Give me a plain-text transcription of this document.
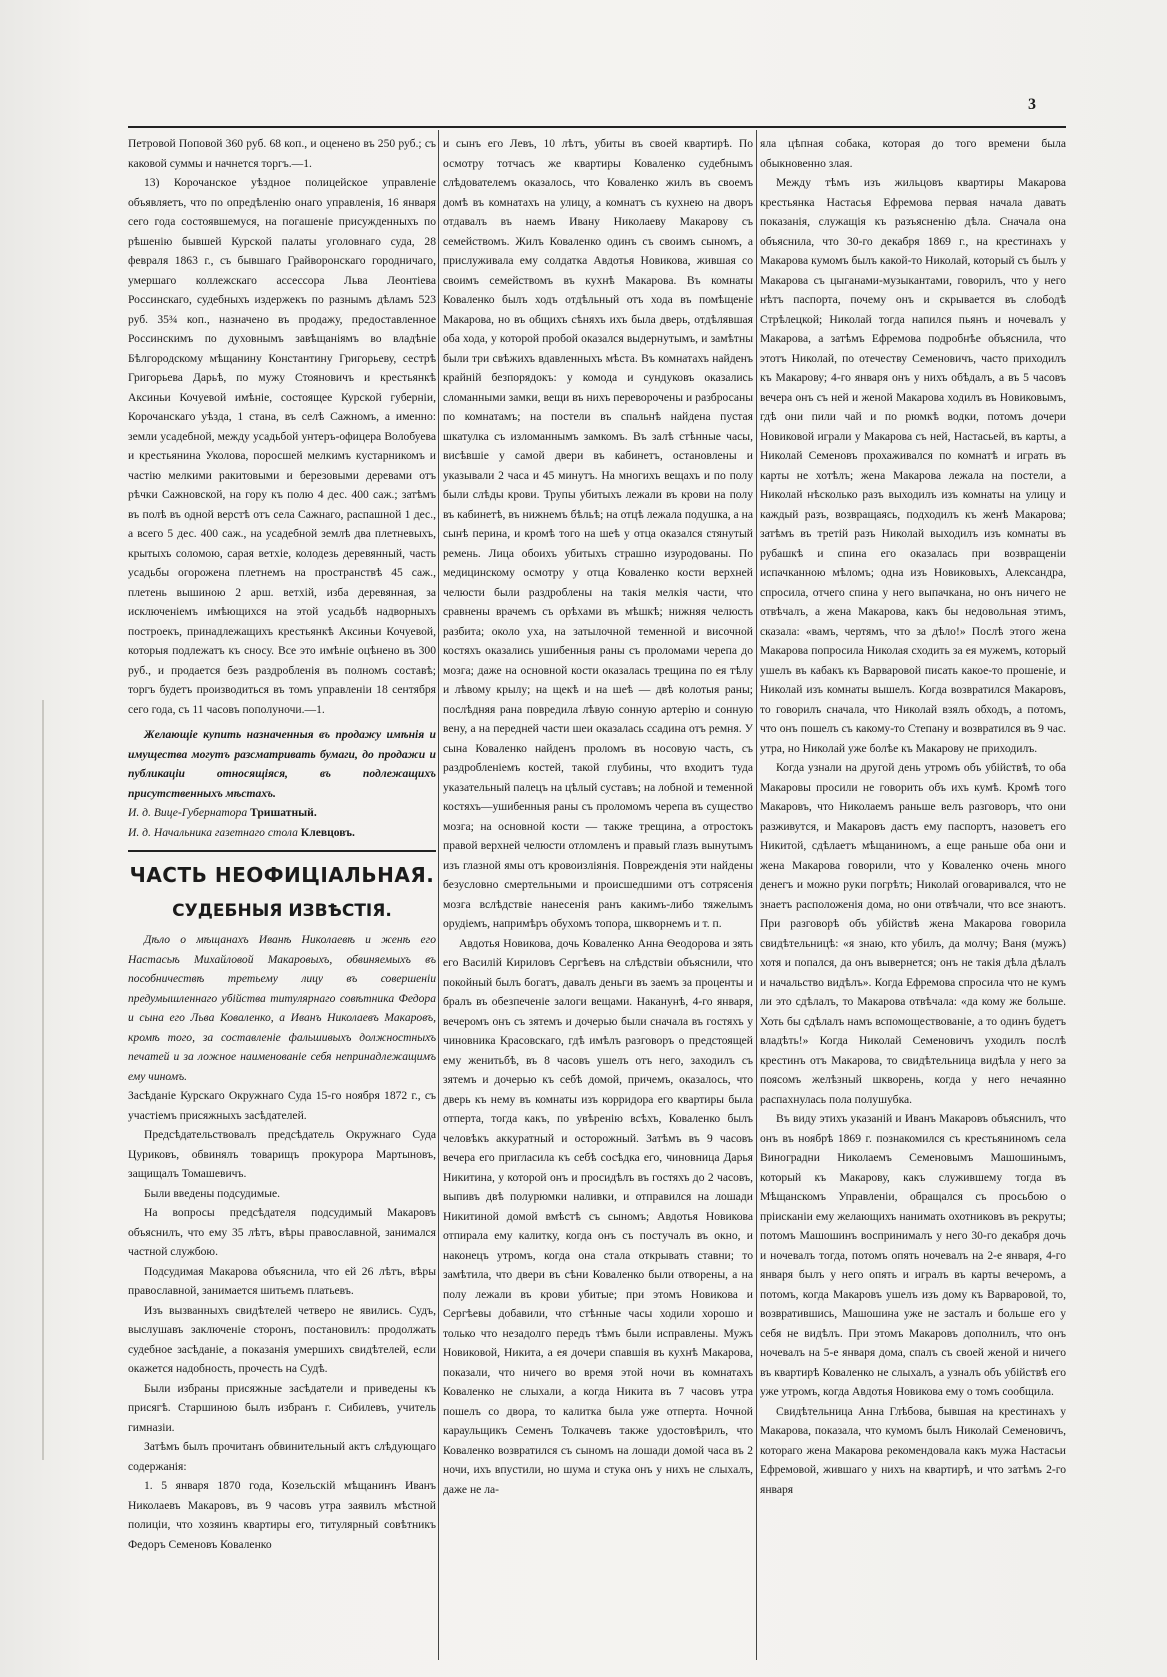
3

Петровой Поповой 360 руб. 68 коп., и оценено въ 250 руб.; съ каковой суммы и начнется торгъ.—1.

13) Корочанское уѣздное полицейское управленіе объявляетъ, что по опредѣленію онаго управленія, 16 января сего года состоявшемуся, на погашеніе присужденныхъ по рѣшенію бывшей Курской палаты уголовнаго суда, 28 февраля 1863 г., съ бывшаго Грайворонскаго городничаго, умершаго коллежскаго ассессора Льва Леонтіева Россинскаго, судебныхъ издержекъ по разнымъ дѣламъ 523 руб. 35¾ коп., назначено въ продажу, предоставленное Россинскимъ по духовнымъ завѣщаніямъ во владѣніе Бѣлгородскому мѣщанину Константину Григорьеву, сестрѣ Григорьева Дарьѣ, по мужу Стояновичъ и крестьянкѣ Аксиньи Кочуевой имѣніе, состоящее Курской губерніи, Корочанскаго уѣзда, 1 стана, въ селѣ Сажномъ, а именно: земли усадебной, между усадьбой унтеръ-офицера Волобуева и крестьянина Уколова, поросшей мелкимъ кустарникомъ и частію мелкими ракитовыми и березовыми деревами отъ рѣчки Сажновской, на гору къ полю 4 дес. 400 саж.; затѣмъ въ полѣ въ одной верстѣ отъ села Сажнаго, распашной 1 дес., а всего 5 дес. 400 саж., на усадебной землѣ два плетневыхъ, крытыхъ соломою, сарая ветхіе, колодезь деревянный, часть усадьбы огорожена плетнемъ на пространствѣ 45 саж., плетень вышиною 2 арш. ветхій, изба деревянная, за исключеніемъ имѣющихся на этой усадьбѣ надворныхъ построекъ, принадлежащихъ крестьянкѣ Аксиньи Кочуевой, которыя подлежатъ къ сносу. Все это имѣніе оцѣнено въ 300 руб., и продается безъ раздробленія въ полномъ составѣ; торгъ будетъ производиться въ томъ управленіи 18 сентября сего года, съ 11 часовъ пополуночи.—1.

Желающіе купить назначенныя въ продажу имѣнія и имущества могутъ разсматривать бумаги, до продажи и публикаціи относящіяся, въ подлежащихъ присутственныхъ мѣстахъ.

И. д. Вице-Губернатора Тришатный.

И. д. Начальника газетнаго стола Клевцовъ.

ЧАСТЬ НЕОФИЦІАЛЬНАЯ.
СУДЕБНЫЯ ИЗВѢСТІЯ.

Дѣло о мѣщанахъ Иванѣ Николаевѣ и женѣ его Настасьѣ Михайловой Макаровыхъ, обвиняемыхъ въ пособничествѣ третьему лицу въ совершеніи предумышленнаго убійства титулярнаго совѣтника Федора и сына его Льва Коваленко, а Иванъ Николаевъ Макаровъ, кромѣ того, за составленіе фальшивыхъ должностныхъ печатей и за ложное наименованіе себя непринадлежащимъ ему чиномъ.

Засѣданіе Курскаго Окружнаго Суда 15-го ноября 1872 г., съ участіемъ присяжныхъ засѣдателей.

Предсѣдательствовалъ предсѣдатель Окружнаго Суда Цуриковъ, обвинялъ товарищъ прокурора Мартыновъ, защищалъ Томашевичъ.

Были введены подсудимые.

На вопросы предсѣдателя подсудимый Макаровъ объяснилъ, что ему 35 лѣтъ, вѣры православной, занимался частной службою.

Подсудимая Макарова объяснила, что ей 26 лѣтъ, вѣры православной, занимается шитьемъ платьевъ.

Изъ вызванныхъ свидѣтелей четверо не явились. Судъ, выслушавъ заключеніе сторонъ, постановилъ: продолжать судебное засѣданіе, а показанія умершихъ свидѣтелей, если окажется надобность, прочесть на Судѣ.

Были избраны присяжные засѣдатели и приведены къ присягѣ. Старшиною былъ избранъ г. Сибилевъ, учитель гимназіи.

Затѣмъ былъ прочитанъ обвинительный актъ слѣдующаго содержанія:

1. 5 января 1870 года, Козельскій мѣщанинъ Иванъ Николаевъ Макаровъ, въ 9 часовъ утра заявилъ мѣстной полиціи, что хозяинъ квартиры его, титулярный совѣтникъ Федоръ Семеновъ Коваленко

и сынъ его Левъ, 10 лѣтъ, убиты въ своей квартирѣ. По осмотру тотчасъ же квартиры Коваленко судебнымъ слѣдователемъ оказалось, что Коваленко жилъ въ своемъ домѣ въ комнатахъ на улицу, а комнатъ съ кухнею на дворъ отдавалъ въ наемъ Ивану Николаеву Макарову съ семействомъ. Жилъ Коваленко одинъ съ своимъ сыномъ, а прислуживала ему солдатка Авдотья Новикова, жившая со своимъ семействомъ въ кухнѣ Макарова. Въ комнаты Коваленко былъ ходъ отдѣльный отъ хода въ помѣщеніе Макарова, но въ общихъ сѣняхъ ихъ была дверь, отдѣлявшая оба хода, у которой пробой оказался выдернутымъ, и замѣтны были три свѣжихъ вдавленныхъ мѣста. Въ комнатахъ найденъ крайній безпорядокъ: у комода и сундуковъ оказались сломанными замки, вещи въ нихъ переворочены и разбросаны по комнатамъ; на постели въ спальнѣ найдена пустая шкатулка съ изломаннымъ замкомъ. Въ залѣ стѣнные часы, висѣвшіе у самой двери въ кабинетъ, остановлены и указывали 2 часа и 45 минутъ. На многихъ вещахъ и по полу были слѣды крови. Трупы убитыхъ лежали въ крови на полу въ кабинетѣ, въ нижнемъ бѣльѣ; на отцѣ лежала подушка, а на сынѣ перина, и кромѣ того на шеѣ у отца оказался стянутый ремень. Лица обоихъ убитыхъ страшно изуродованы. По медицинскому осмотру у отца Коваленко кости верхней челюсти были раздроблены на такія мелкія части, что сравнены врачемъ съ орѣхами въ мѣшкѣ; нижняя челюсть разбита; около уха, на затылочной теменной и височной костяхъ оказались ушибенныя раны съ проломами черепа до мозга; даже на основной кости оказалась трещина по ея тѣлу и лѣвому крылу; на щекѣ и на шеѣ — двѣ колотыя раны; послѣдняя рана повредила лѣвую сонную артерію и сонную вену, а на передней части шеи оказалась ссадина отъ ремня. У сына Коваленко найденъ проломъ въ носовую часть, съ раздробленіемъ костей, такой глубины, что входитъ туда указательный палецъ на цѣлый суставъ; на лобной и теменной костяхъ—ушибенныя раны съ проломомъ черепа въ существо мозга; на основной кости — также трещина, а отростокъ правой верхней челюсти отломленъ и правый глазъ вынутымъ изъ глазной ямы отъ кровоизліянія. Поврежденія эти найдены безусловно смертельными и происшедшими отъ сотрясенія мозга вслѣдствіе нанесенія ранъ какимъ-либо тяжелымъ орудіемъ, напримѣръ обухомъ топора, шкворнемъ и т. п.

Авдотья Новикова, дочь Коваленко Анна Ѳеодорова и зять его Василій Кириловъ Сергѣевъ на слѣдствіи объяснили, что покойный былъ богатъ, давалъ деньги въ заемъ за проценты и бралъ въ обезпеченіе залоги вещами. Наканунѣ, 4-го января, вечеромъ онъ съ зятемъ и дочерью были сначала въ гостяхъ у чиновника Красовскаго, гдѣ имѣлъ разговоръ о предстоящей ему женитьбѣ, въ 8 часовъ ушелъ отъ него, заходилъ съ зятемъ и дочерью къ себѣ домой, причемъ, оказалось, что дверь къ нему въ комнаты изъ корридора его квартиры была отперта, тогда какъ, по увѣренію всѣхъ, Коваленко былъ человѣкъ аккуратный и осторожный. Затѣмъ въ 9 часовъ вечера его пригласила къ себѣ сосѣдка его, чиновница Дарья Никитина, у которой онъ и просидѣлъ въ гостяхъ до 2 часовъ, выпивъ двѣ полурюмки наливки, и отправился на лошади Никитиной домой вмѣстѣ съ сыномъ; Авдотья Новикова отпирала ему калитку, когда онъ съ постучалъ въ окно, и наконецъ утромъ, когда она стала открывать ставни; то замѣтила, что двери въ сѣни Коваленко были отворены, а на полу лежали въ крови убитые; при этомъ Новикова и Сергѣевы добавили, что стѣнные часы ходили хорошо и только что незадолго передъ тѣмъ были исправлены. Мужъ Новиковой, Никита, а ея дочери спавшія въ кухнѣ Макарова, показали, что ничего во время этой ночи въ комнатахъ Коваленко не слыхали, а когда Никита въ 7 часовъ утра пошелъ со двора, то калитка была уже отперта. Ночной караульщикъ Семенъ Толкачевъ также удостовѣрилъ, что Коваленко возвратился съ сыномъ на лошади домой часа въ 2 ночи, ихъ впустили, но шума и стука онъ у нихъ не слыхалъ, даже не ла-

яла цѣпная собака, которая до того времени была обыкновенно злая.

Между тѣмъ изъ жильцовъ квартиры Макарова крестьянка Настасья Ефремова первая начала давать показанія, служащія къ разъясненію дѣла. Сначала она объяснила, что 30-го декабря 1869 г., на крестинахъ у Макарова кумомъ былъ какой-то Николай, который съ былъ у Макарова съ цыганами-музыкантами, говорилъ, что у него нѣтъ паспорта, почему онъ и скрывается въ слободѣ Стрѣлецкой; Николай тогда напился пьянъ и ночевалъ у Макарова, а затѣмъ Ефремова подробнѣе объяснила, что этотъ Николай, по отечеству Семеновичъ, часто приходилъ къ Макарову; 4-го января онъ у нихъ обѣдалъ, а въ 5 часовъ вечера онъ съ ней и женой Макарова ходилъ въ Новиковымъ, гдѣ они пили чай и по рюмкѣ водки, потомъ дочери Новиковой играли у Макарова съ ней, Настасьей, въ карты, а Николай Семеновъ прохаживался по комнатѣ и играть въ карты не хотѣлъ; жена Макарова лежала на постели, а Николай нѣсколько разъ выходилъ изъ комнаты на улицу и каждый разъ, возвращаясь, подходилъ къ женѣ Макарова; затѣмъ въ третій разъ Николай выходилъ изъ комнаты въ рубашкѣ и спина его оказалась при возвращеніи испачканною мѣломъ; одна изъ Новиковыхъ, Александра, спросила, отчего спина у него выпачкана, но онъ ничего не отвѣчалъ, а жена Макарова, какъ бы недовольная этимъ, сказала: «вамъ, чертямъ, что за дѣло!» Послѣ этого жена Макарова попросила Николая сходить за ея мужемъ, который ушелъ въ кабакъ къ Варваровой писать какое-то прошеніе, и Николай изъ комнаты вышелъ. Когда возвратился Макаровъ, то говорилъ сначала, что Николай взялъ обходъ, а потомъ, что онъ пошелъ съ какому-то Степану и возвратился въ 9 час. утра, но Николай уже болѣе къ Макарову не приходилъ.

Когда узнали на другой день утромъ объ убійствѣ, то оба Макаровы просили не говорить объ ихъ кумѣ. Кромѣ того Макаровъ, что Николаемъ раньше велъ разговоръ, что они разживутся, и Макаровъ дастъ ему паспортъ, назоветъ его Никитой, сдѣлаетъ мѣщаниномъ, а еще раньше оба они и жена Макарова говорили, что у Коваленко очень много денегъ и можно руки погрѣть; Николай оговаривался, что не знаетъ расположенія дома, но они отвѣчали, что все знаютъ. При разговорѣ объ убійствѣ жена Макарова говорила свидѣтельницѣ: «я знаю, кто убилъ, да молчу; Ваня (мужъ) хотя и попался, да онъ вывернется; онъ не такія дѣла дѣлалъ и начальство видѣлъ». Когда Ефремова спросила что не кумъ ли это сдѣлалъ, то Макарова отвѣчала: «да кому же больше. Хоть бы сдѣлалъ намъ вспомоществованіе, а то одинъ будетъ владѣть!» Когда Николай Семеновичъ уходилъ послѣ крестинъ отъ Макарова, то свидѣтельница видѣла у него за поясомъ желѣзный шкворень, когда у него нечаянно распахнулась пола полушубка.

Въ виду этихъ указаній и Иванъ Макаровъ объяснилъ, что онъ въ ноябрѣ 1869 г. познакомился съ крестьяниномъ села Виноградни Николаемъ Семеновымъ Машошинымъ, который къ Макарову, какъ служившему тогда въ Мѣщанскомъ Управленіи, обращался съ просьбою о пріисканіи ему желающихъ нанимать охотниковъ въ рекруты; потомъ Машошинъ воспринималъ у него 30-го декабря дочь и ночевалъ тогда, потомъ опять ночевалъ на 2-е января, 4-го января былъ у него опять и игралъ въ карты вечеромъ, а потомъ, когда Макаровъ ушелъ изъ дому къ Варваровой, то, возвратившись, Машошина уже не засталъ и больше его у себя не видѣлъ. При этомъ Макаровъ дополнилъ, что онъ ночевалъ на 5-е января дома, спалъ съ своей женой и ничего въ квартирѣ Коваленко не слыхалъ, а узналъ объ убійствѣ его уже утромъ, когда Авдотья Новикова ему о томъ сообщила.

Свидѣтельница Анна Глѣбова, бывшая на крестинахъ у Макарова, показала, что кумомъ былъ Николай Семеновичъ, котораго жена Макарова рекомендовала какъ мужа Настасьи Ефремовой, жившаго у нихъ на квартирѣ, и что затѣмъ 2-го января
